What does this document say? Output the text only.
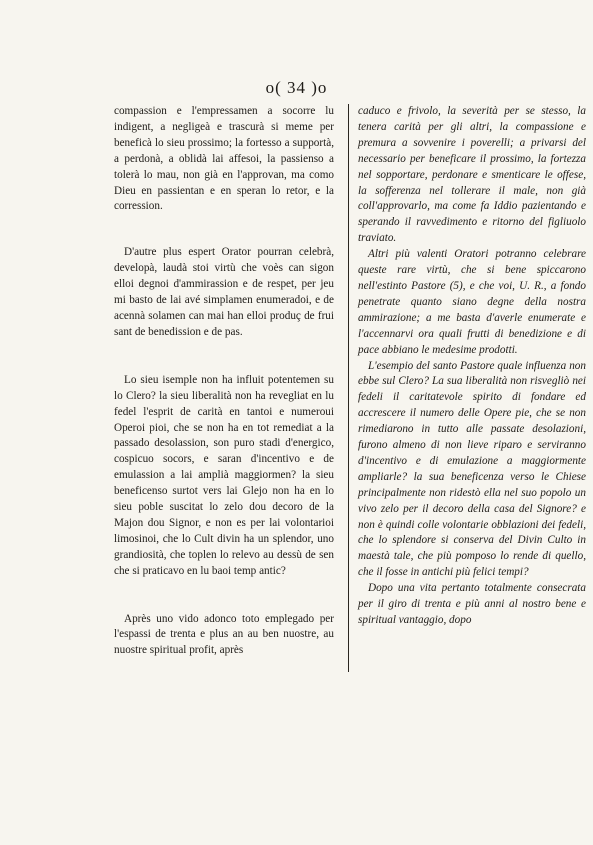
o( 34 )o

compassion e l'empressamen a socorre lu indigent, a negligeà e trascurà si meme per beneficà lo sieu prossimo; la fortesso a supportà, a perdonà, a oblidà lai affesoi, la passienso a tolerà lo mau, non già en l'approvan, ma como Dieu en passientan e en speran lo retor, e la corression.

D'autre plus espert Orator pourran celebrà, developà, laudà stoi virtù che voès can sigon elloi degnoi d'ammirassion e de respet, per jeu mi basto de lai avé simplamen enumeradoi, e de acennà solamen can mai han elloi produç de frui sant de benedission e de pas.

Lo sieu isemple non ha influit potentemen su lo Clero? la sieu liberalità non ha revegliat en lu fedel l'esprit de carità en tantoi e numeroui Operoi pioi, che se non ha en tot remediat a la passado desolassion, son puro stadi d'energico, cospicuo socors, e saran d'incentivo e de emulassion a lai amplià maggiormen? la sieu beneficenso surtot vers lai Glejo non ha en lo sieu poble suscitat lo zelo dou decoro de la Majon dou Signor, e non es per lai volontarioi limosinoi, che lo Cult divin ha un splendor, uno grandiosità, che toplen lo relevo au dessù de sen che si praticavo en lu baoi temp antic?

Après uno vido adonco toto emplegado per l'espassi de trenta e plus an au ben nuostre, au nuostre spiritual profit, après

caduco e frivolo, la severità per se stesso, la tenera carità per gli altri, la compassione e premura a sovvenire i poverelli; a privarsi del necessario per beneficare il prossimo, la fortezza nel sopportare, perdonare e smenticare le offese, la sofferenza nel tollerare il male, non già coll'approvarlo, ma come fa Iddio pazientando e sperando il ravvedimento e ritorno del figliuolo traviato.

Altri più valenti Oratori potranno celebrare queste rare virtù, che si bene spiccarono nell'estinto Pastore (5), e che voi, U. R., a fondo penetrate quanto siano degne della nostra ammirazione; a me basta d'averle enumerate e l'accennarvi ora quali frutti di benedizione e di pace abbiano le medesime prodotti.

L'esempio del santo Pastore quale influenza non ebbe sul Clero? La sua liberalità non risvegliò nei fedeli il caritatevole spirito di fondare ed accrescere il numero delle Opere pie, che se non rimediarono in tutto alle passate desolazioni, furono almeno di non lieve riparo e serviranno d'incentivo e di emulazione a maggiormente ampliarle? la sua beneficenza verso le Chiese principalmente non ridestò ella nel suo popolo un vivo zelo per il decoro della casa del Signore? e non è quindi colle volontarie obblazioni dei fedeli, che lo splendore si conserva del Divin Culto in maestà tale, che più pomposo lo rende di quello, che il fosse in antichi più felici tempi?

Dopo una vita pertanto totalmente consecrata per il giro di trenta e più anni al nostro bene e spiritual vantaggio, dopo
